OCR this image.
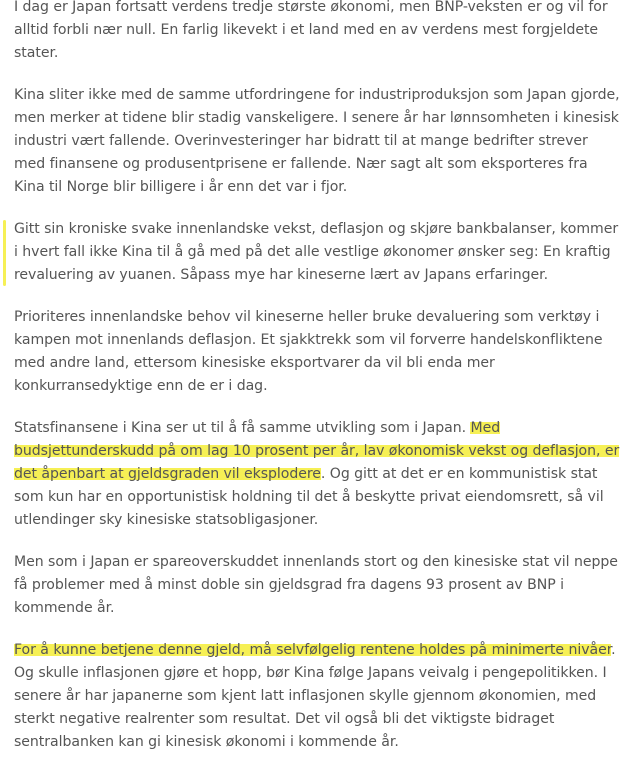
I dag er Japan fortsatt verdens tredje største økonomi, men BNP-veksten er og vil for alltid forbli nær null. En farlig likevekt i et land med en av verdens mest forgjeldete stater.

Kina sliter ikke med de samme utfordringene for industriproduksjon som Japan gjorde, men merker at tidene blir stadig vanskeligere. I senere år har lønnsomheten i kinesisk industri vært fallende. Overinvesteringer har bidratt til at mange bedrifter strever med finansene og produsentprisene er fallende. Nær sagt alt som eksporteres fra Kina til Norge blir billigere i år enn det var i fjor.

Gitt sin kroniske svake innenlandske vekst, deflasjon og skjøre bankbalanser, kommer i hvert fall ikke Kina til å gå med på det alle vestlige økonomer ønsker seg: En kraftig revaluering av yuanen. Såpass mye har kineserne lært av Japans erfaringer.

Prioriteres innenlandske behov vil kineserne heller bruke devaluering som verktøy i kampen mot innenlands deflasjon. Et sjakktrekk som vil forverre handelskonfliktene med andre land, ettersom kinesiske eksportvarer da vil bli enda mer konkurransedyktige enn de er i dag.

Statsfinansene i Kina ser ut til å få samme utvikling som i Japan. Med budsjettunderskudd på om lag 10 prosent per år, lav økonomisk vekst og deflasjon, er det åpenbart at gjeldsgraden vil eksplodere. Og gitt at det er en kommunistisk stat som kun har en opportunistisk holdning til det å beskytte privat eiendomsrett, så vil utlendinger sky kinesiske statsobligasjoner.

Men som i Japan er spareoverskuddet innenlands stort og den kinesiske stat vil neppe få problemer med å minst doble sin gjeldsgrad fra dagens 93 prosent av BNP i kommende år.

For å kunne betjene denne gjeld, må selvfølgelig rentene holdes på minimerte nivåer. Og skulle inflasjonen gjøre et hopp, bør Kina følge Japans veivalg i pengepolitikken. I senere år har japanerne som kjent latt inflasjonen skylle gjennom økonomien, med sterkt negative realrenter som resultat. Det vil også bli det viktigste bidraget sentralbanken kan gi kinesisk økonomi i kommende år.
